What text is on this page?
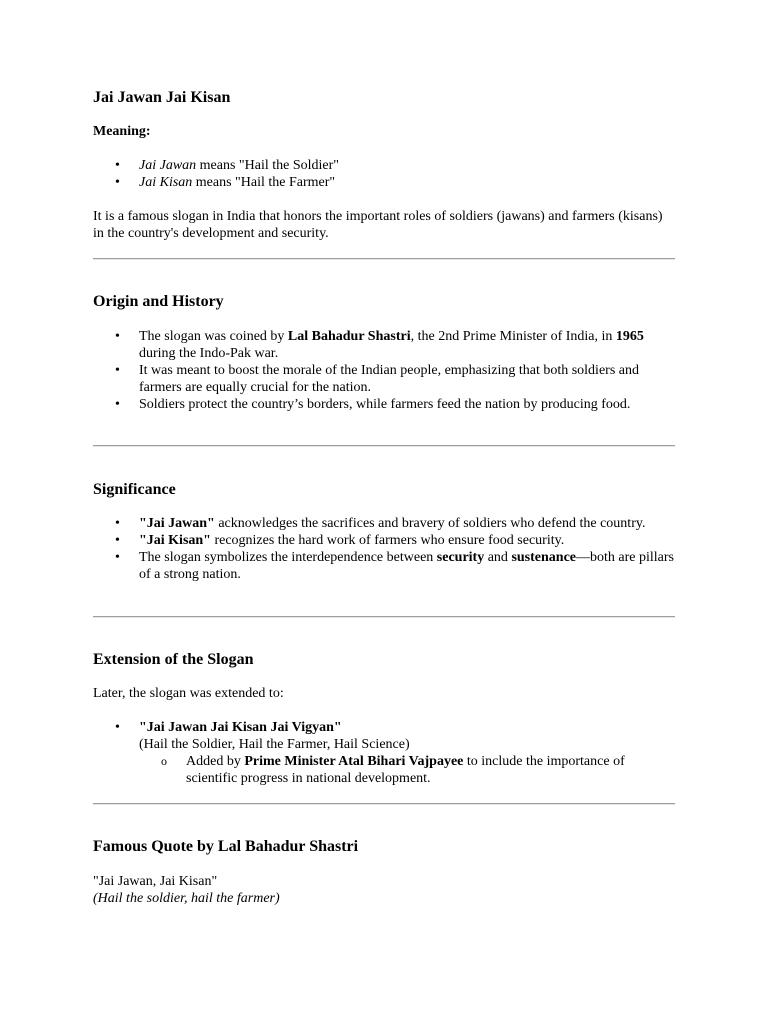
Jai Jawan Jai Kisan
Meaning:
• Jai Jawan means "Hail the Soldier"
• Jai Kisan means "Hail the Farmer"

It is a famous slogan in India that honors the important roles of soldiers (jawans) and farmers (kisans) in the country's development and security.

Origin and History
• The slogan was coined by Lal Bahadur Shastri, the 2nd Prime Minister of India, in 1965 during the Indo-Pak war.
• It was meant to boost the morale of the Indian people, emphasizing that both soldiers and farmers are equally crucial for the nation.
• Soldiers protect the country’s borders, while farmers feed the nation by producing food.
Significance
• "Jai Jawan" acknowledges the sacrifices and bravery of soldiers who defend the country.
• "Jai Kisan" recognizes the hard work of farmers who ensure food security.
• The slogan symbolizes the interdependence between security and sustenance—both are pillars of a strong nation.
Extension of the Slogan

Later, the slogan was extended to:

• "Jai Jawan Jai Kisan Jai Vigyan"
(Hail the Soldier, Hail the Farmer, Hail Science)
o Added by Prime Minister Atal Bihari Vajpayee to include the importance of scientific progress in national development.
Famous Quote by Lal Bahadur Shastri

"Jai Jawan, Jai Kisan"
(Hail the soldier, hail the farmer)
